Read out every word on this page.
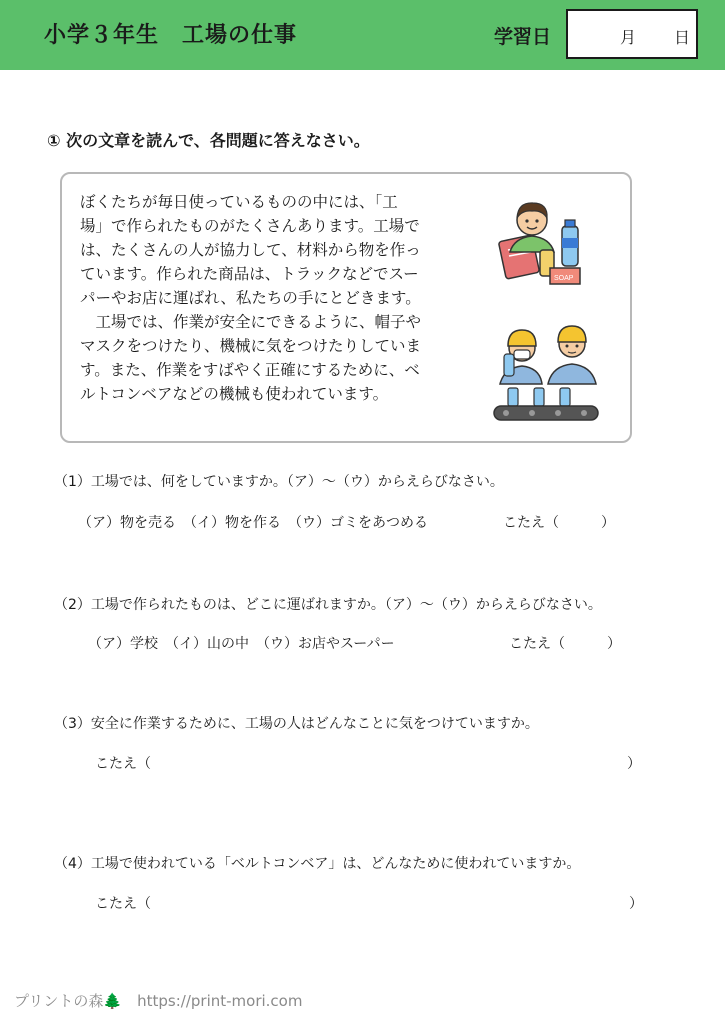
小学３年生　工場の仕事	学習日	月 日
① 次の文章を読んで、各問題に答えなさい。
ぼくたちが毎日使っているものの中には、「工
場」で作られたものがたくさんあります。工場で
は、たくさんの人が協力して、材料から物を作っ
ています。作られた商品は、トラックなどでスー
パーやお店に運ばれ、私たちの手にとどきます。
　工場では、作業が安全にできるように、帽子や
マスクをつけたり、機械に気をつけたりしていま
す。また、作業をすばやく正確にするために、ベ
ルトコンベアなどの機械も使われています。
SOAP
（1）工場では、何をしていますか。（ア）～（ウ）からえらびなさい。
（ア）物を売る　（イ）物を作る　（ウ）ゴミをあつめる	こたえ（　　　）
（2）工場で作られたものは、どこに運ばれますか。（ア）～（ウ）からえらびなさい。
（ア）学校　（イ）山の中　（ウ）お店やスーパー	こたえ（　　　）
（3）安全に作業するために、工場の人はどんなことに気をつけていますか。
こたえ（	）
（4）工場で使われている「ベルトコンベア」は、どんなために使われていますか。
こたえ（	）
プリントの森🌲　 https://print-mori.com
